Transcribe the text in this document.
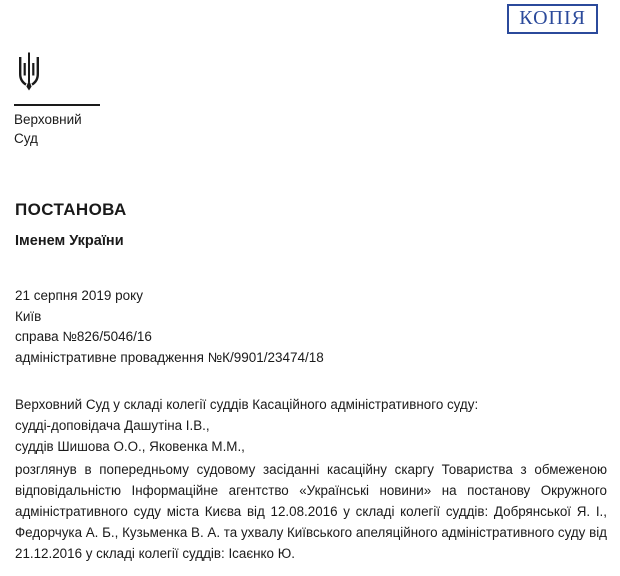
КОПІЯ
Верховний
Суд
ПОСТАНОВА
Іменем України
21 серпня 2019 року
Київ
справа №826/5046/16
адміністративне провадження №К/9901/23474/18
Верховний Суд у складі колегії суддів Касаційного адміністративного суду:
судді-доповідача Дашутіна І.В.,
суддів Шишова О.О., Яковенка М.М.,
розглянув в попередньому судовому засіданні касаційну скаргу Товариства з обмеженою відповідальністю Інформаційне агентство «Українські новини» на постанову Окружного адміністративного суду міста Києва від 12.08.2016 у складі колегії суддів: Добрянської Я. І., Федорчука А. Б., Кузьменка В. А. та ухвалу Київського апеляційного адміністративного суду від 21.12.2016 у складі колегії суддів: Ісаєнко Ю.
